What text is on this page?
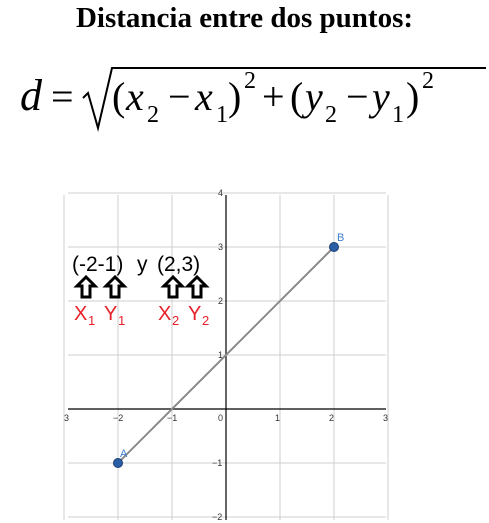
Distancia entre dos puntos:
d = ( x 2 − x 1 ) 2 + ( y 2 − y 1 ) 2
3	−2	−1	0	1	2	3
4
3
2
1
−1
−2
A
B
(-2-1) y (2,3)
X 1 Y 1 X 2 Y 2
